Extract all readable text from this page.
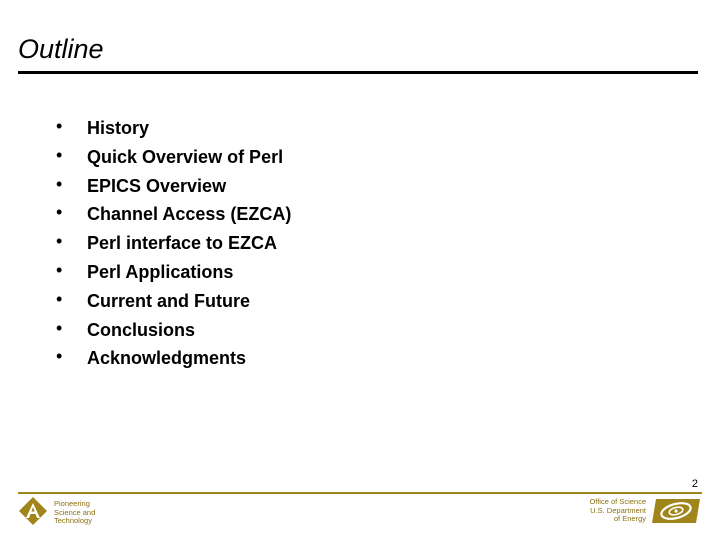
Outline
• History
• Quick Overview of Perl
• EPICS Overview
• Channel Access (EZCA)
• Perl interface to EZCA
• Perl Applications
• Current and Future
• Conclusions
• Acknowledgments
2
Pioneering
Science and
Technology
Office of Science
U.S. Department
of Energy
